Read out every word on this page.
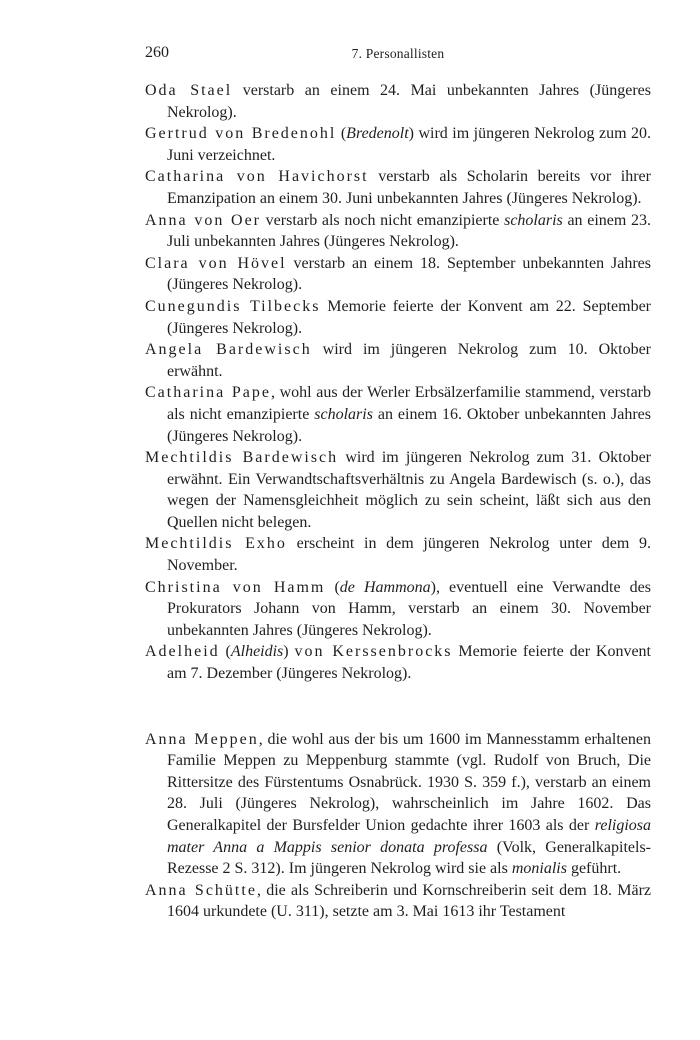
260	7. Personallisten

Oda Stael verstarb an einem 24. Mai unbekannten Jahres (Jüngeres Nekrolog).

Gertrud von Bredenohl (Bredenolt) wird im jüngeren Nekrolog zum 20. Juni verzeichnet.

Catharina von Havichorst verstarb als Scholarin bereits vor ihrer Emanzipation an einem 30. Juni unbekannten Jahres (Jüngeres Nekrolog).

Anna von Oer verstarb als noch nicht emanzipierte scholaris an einem 23. Juli unbekannten Jahres (Jüngeres Nekrolog).

Clara von Hövel verstarb an einem 18. September unbekannten Jahres (Jüngeres Nekrolog).

Cunegundis Tilbecks Memorie feierte der Konvent am 22. September (Jüngeres Nekrolog).

Angela Bardewisch wird im jüngeren Nekrolog zum 10. Oktober erwähnt.

Catharina Pape, wohl aus der Werler Erbsälzerfamilie stammend, verstarb als nicht emanzipierte scholaris an einem 16. Oktober unbekannten Jahres (Jüngeres Nekrolog).

Mechtildis Bardewisch wird im jüngeren Nekrolog zum 31. Oktober erwähnt. Ein Verwandtschaftsverhältnis zu Angela Bardewisch (s. o.), das wegen der Namensgleichheit möglich zu sein scheint, läßt sich aus den Quellen nicht belegen.

Mechtildis Exho erscheint in dem jüngeren Nekrolog unter dem 9. November.

Christina von Hamm (de Hammona), eventuell eine Verwandte des Prokurators Johann von Hamm, verstarb an einem 30. November unbekannten Jahres (Jüngeres Nekrolog).

Adelheid (Alheidis) von Kerssenbrocks Memorie feierte der Konvent am 7. Dezember (Jüngeres Nekrolog).

Anna Meppen, die wohl aus der bis um 1600 im Mannesstamm erhaltenen Familie Meppen zu Meppenburg stammte (vgl. Rudolf von Bruch, Die Rittersitze des Fürstentums Osnabrück. 1930 S. 359 f.), verstarb an einem 28. Juli (Jüngeres Nekrolog), wahrscheinlich im Jahre 1602. Das Generalkapitel der Bursfelder Union gedachte ihrer 1603 als der religiosa mater Anna a Mappis senior donata professa (Volk, Generalkapitels-Rezesse 2 S. 312). Im jüngeren Nekrolog wird sie als monialis geführt.

Anna Schütte, die als Schreiberin und Kornschreiberin seit dem 18. März 1604 urkundete (U. 311), setzte am 3. Mai 1613 ihr Testament
